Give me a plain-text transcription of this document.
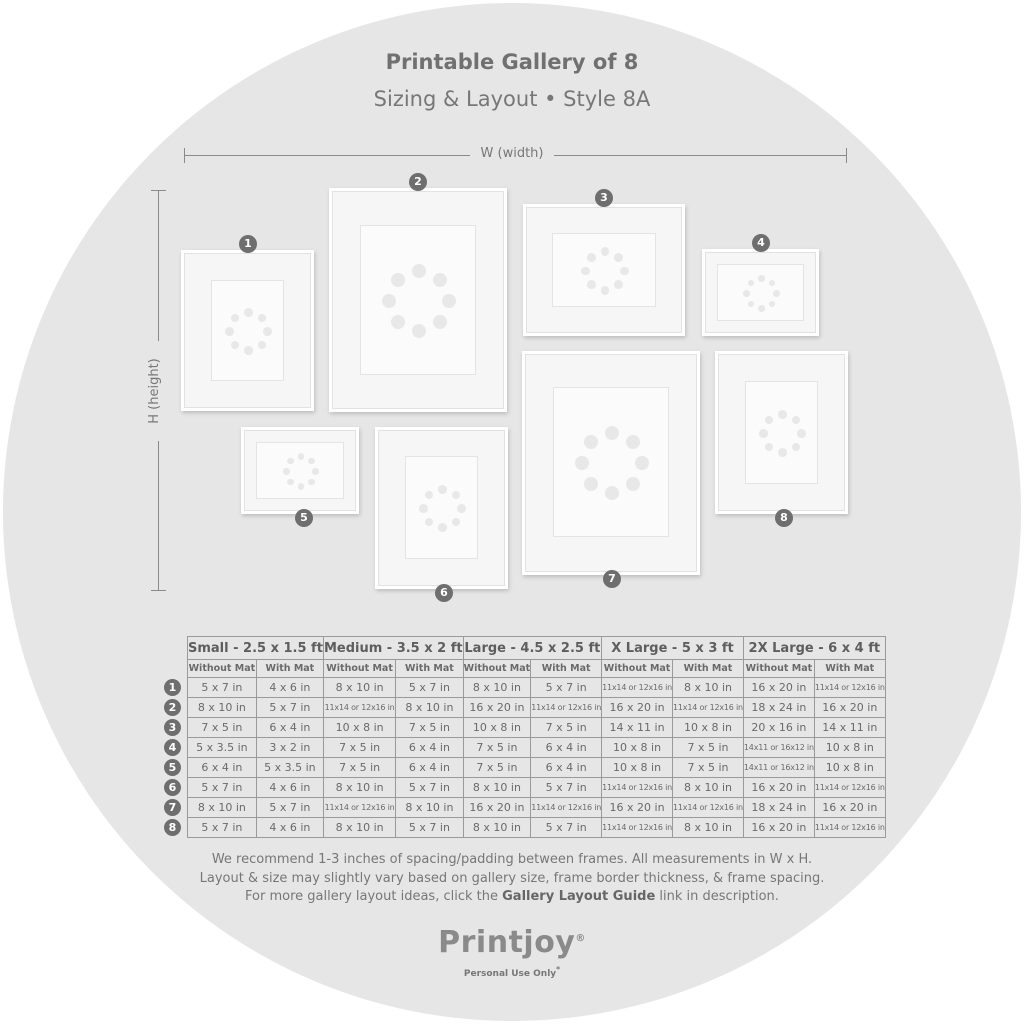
Printable Gallery of 8
Sizing & Layout • Style 8A
W (width)
H (height)
1
2
3
4
5
6
7
8
Small - 2.5 x 1.5 ft		Medium - 3.5 x 2 ft		Large - 4.5 x 2.5 ft		X Large - 5 x 3 ft		2X Large - 6 x 4 ft	
Without Mat	With Mat	Without Mat	With Mat	Without Mat	With Mat	Without Mat	With Mat	Without Mat	With Mat
5 x 7 in	4 x 6 in	8 x 10 in	5 x 7 in	8 x 10 in	5 x 7 in	11x14 or 12x16 in	8 x 10 in	16 x 20 in	11x14 or 12x16 in
8 x 10 in	5 x 7 in	11x14 or 12x16 in	8 x 10 in	16 x 20 in	11x14 or 12x16 in	16 x 20 in	11x14 or 12x16 in	18 x 24 in	16 x 20 in
7 x 5 in	6 x 4 in	10 x 8 in	7 x 5 in	10 x 8 in	7 x 5 in	14 x 11 in	10 x 8 in	20 x 16 in	14 x 11 in
5 x 3.5 in	3 x 2 in	7 x 5 in	6 x 4 in	7 x 5 in	6 x 4 in	10 x 8 in	7 x 5 in	14x11 or 16x12 in	10 x 8 in
6 x 4 in	5 x 3.5 in	7 x 5 in	6 x 4 in	7 x 5 in	6 x 4 in	10 x 8 in	7 x 5 in	14x11 or 16x12 in	10 x 8 in
5 x 7 in	4 x 6 in	8 x 10 in	5 x 7 in	8 x 10 in	5 x 7 in	11x14 or 12x16 in	8 x 10 in	16 x 20 in	11x14 or 12x16 in
8 x 10 in	5 x 7 in	11x14 or 12x16 in	8 x 10 in	16 x 20 in	11x14 or 12x16 in	16 x 20 in	11x14 or 12x16 in	18 x 24 in	16 x 20 in
5 x 7 in	4 x 6 in	8 x 10 in	5 x 7 in	8 x 10 in	5 x 7 in	11x14 or 12x16 in	8 x 10 in	16 x 20 in	11x14 or 12x16 in
1
2
3
4
5
6
7
8
We recommend 1-3 inches of spacing/padding between frames. All measurements in W x H.
Layout & size may slightly vary based on gallery size, frame border thickness, & frame spacing.
For more gallery layout ideas, click the Gallery Layout Guide link in description.
Printjoy®
Personal Use Only*
